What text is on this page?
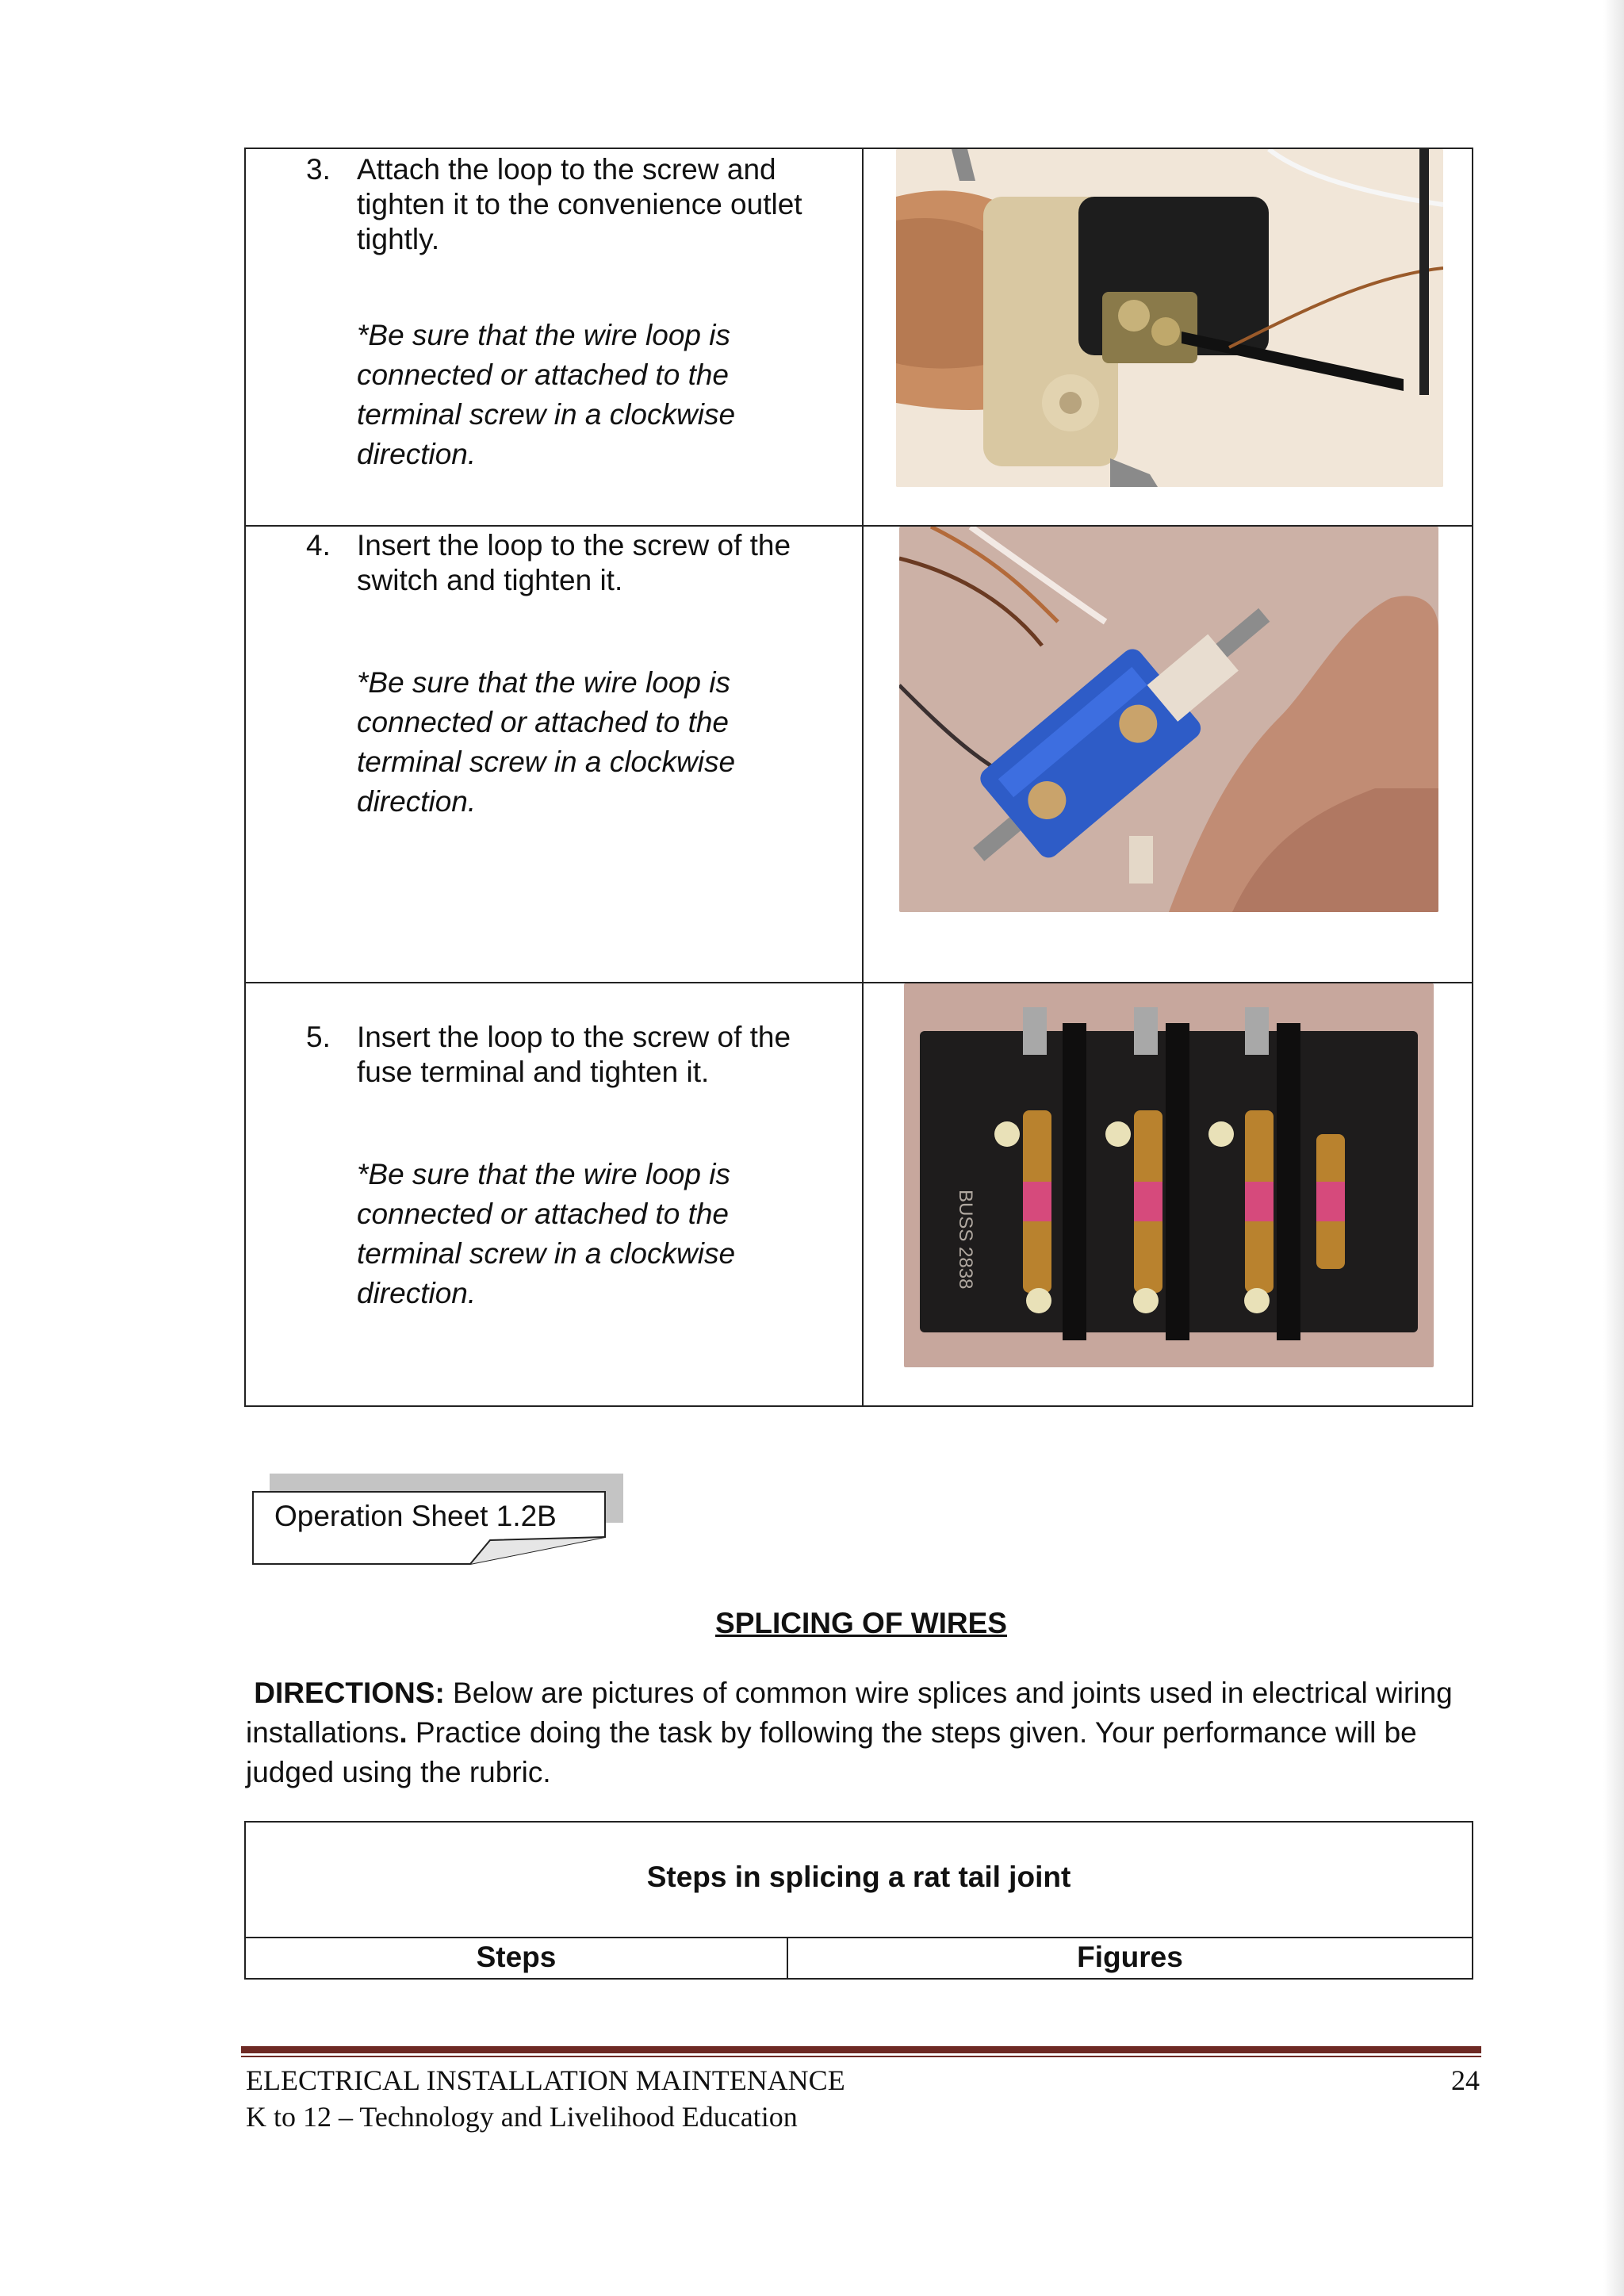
3. Attach the loop to the screw and tighten it to the convenience outlet tightly.
*Be sure that the wire loop is connected or attached to the terminal screw in a clockwise direction.
4. Insert the loop to the screw of the switch and tighten it.
*Be sure that the wire loop is connected or attached to the terminal screw in a clockwise direction.
5. Insert the loop to the screw of the fuse terminal and tighten it.
*Be sure that the wire loop is connected or attached to the terminal screw in a clockwise direction.
BUSS 2838
Operation Sheet 1.2B
SPLICING OF WIRES
DIRECTIONS: Below are pictures of common wire splices and joints used in electrical wiring installations. Practice doing the task by following the steps given. Your performance will be judged using the rubric.
Steps in splicing a rat tail joint
Steps	Figures
ELECTRICAL INSTALLATION MAINTENANCE
K to 12 – Technology and Livelihood Education
24
